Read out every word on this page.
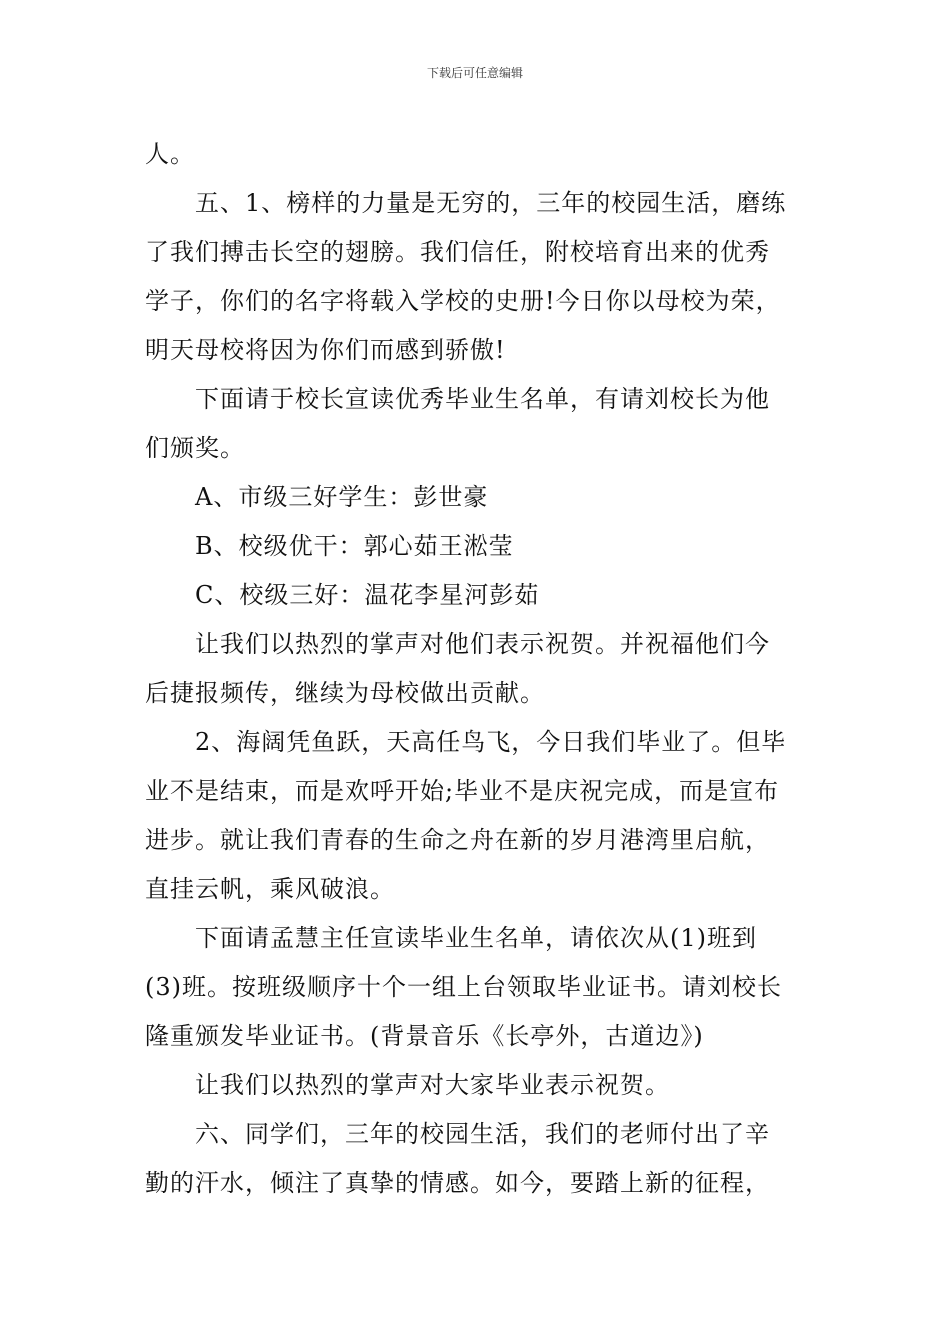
下载后可任意编辑
人。
　　五、1、榜样的力量是无穷的，三年的校园生活，磨练
了我们搏击长空的翅膀。我们信任，附校培育出来的优秀
学子，你们的名字将载入学校的史册!今日你以母校为荣，
明天母校将因为你们而感到骄傲!
　　下面请于校长宣读优秀毕业生名单，有请刘校长为他
们颁奖。
　　A、市级三好学生：彭世豪
　　B、校级优干：郭心茹王淞莹
　　C、校级三好：温花李星河彭茹
　　让我们以热烈的掌声对他们表示祝贺。并祝福他们今
后捷报频传，继续为母校做出贡献。
　　2、海阔凭鱼跃，天高任鸟飞，今日我们毕业了。但毕
业不是结束，而是欢呼开始;毕业不是庆祝完成，而是宣布
进步。就让我们青春的生命之舟在新的岁月港湾里启航，
直挂云帆，乘风破浪。
　　下面请孟慧主任宣读毕业生名单，请依次从(1)班到
(3)班。按班级顺序十个一组上台领取毕业证书。请刘校长
隆重颁发毕业证书。(背景音乐《长亭外，古道边》)
　　让我们以热烈的掌声对大家毕业表示祝贺。
　　六、同学们，三年的校园生活，我们的老师付出了辛
勤的汗水，倾注了真挚的情感。如今，要踏上新的征程，
